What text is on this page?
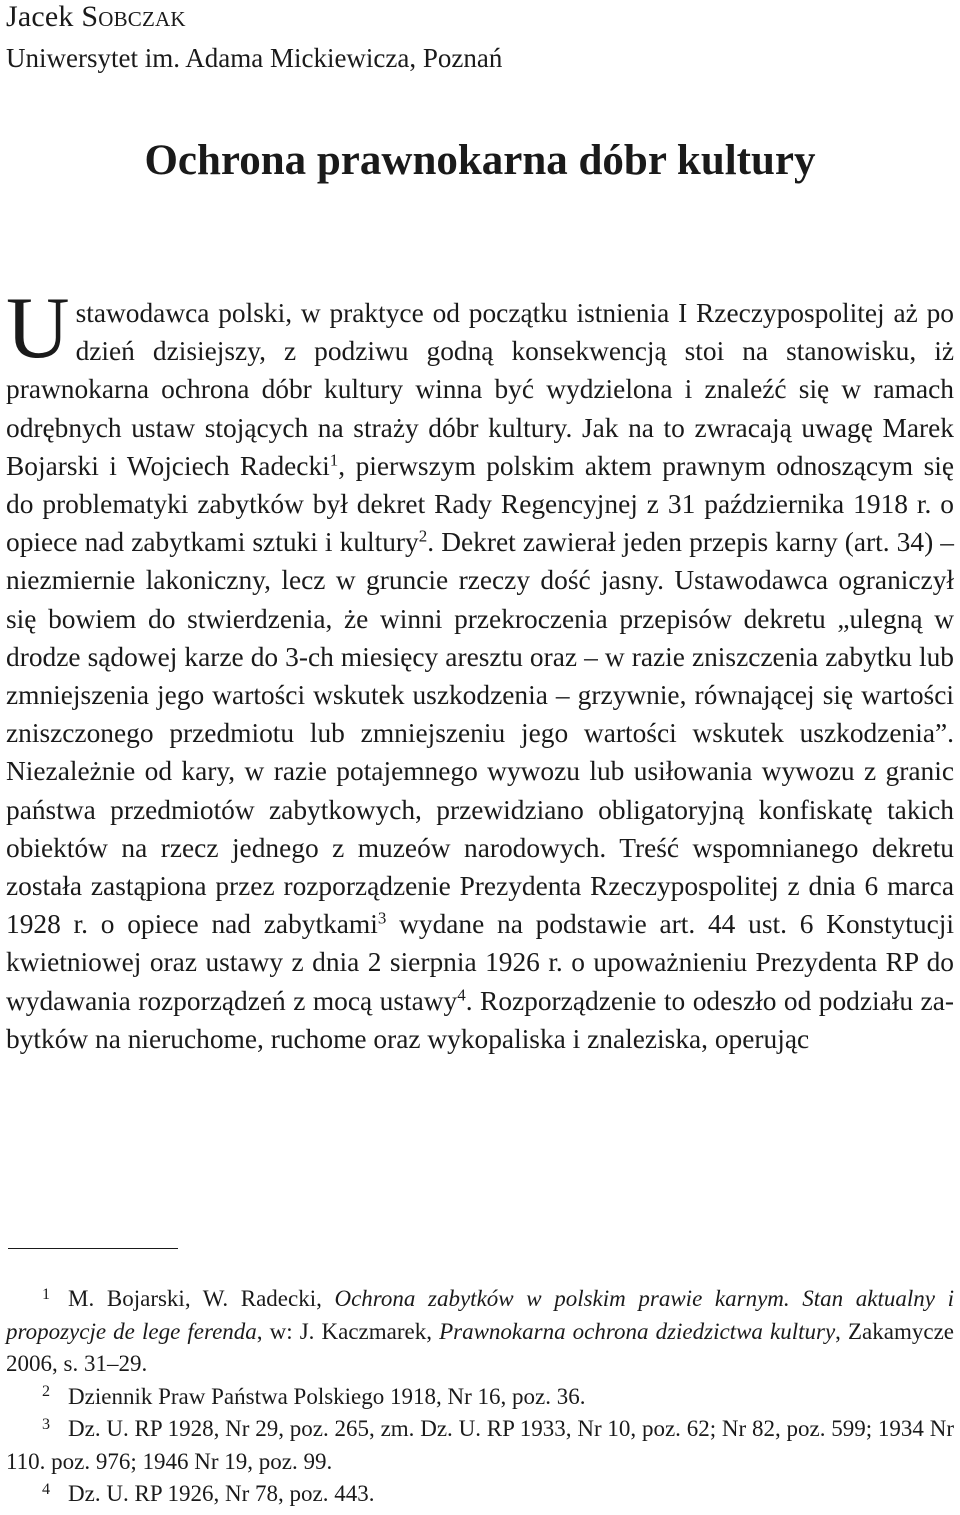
Jacek Sobczak
Uniwersytet im. Adama Mickiewicza, Poznań
Ochrona prawnokarna dóbr kultury
Ustawodawca polski, w praktyce od początku istnienia I Rzeczypospolitej aż po dzień dzisiejszy, z podziwu godną konsekwencją stoi na stanowisku, iż prawnokarna ochrona dóbr kultury winna być wydzielona i znaleźć się w ramach odrębnych ustaw stojących na straży dóbr kultury. Jak na to zwracają uwagę Marek Bojarski i Wojciech Radecki$^1$, pierwszym polskim aktem prawnym odnoszącym się do problematyki zabytków był dekret Rady Regencyjnej z 31 października 1918 r. o opiece nad zabytkami sztuki i kultury$^2$. Dekret zawierał jeden przepis karny (art. 34) – niezmiernie lakoniczny, lecz w gruncie rzeczy dość jasny. Ustawodawca ograniczył się bowiem do stwierdzenia, że winni przekroczenia przepisów dekretu „ulegną w drodze sądowej karze do 3-ch miesięcy aresztu oraz – w razie zniszczenia zabytku lub zmniejszenia jego wartości wskutek uszkodzenia – grzywnie, równającej się wartości zniszczonego przedmiotu lub zmniejszeniu jego wartości wskutek uszkodzenia”. Niezależnie od kary, w razie potajemnego wywozu lub usiłowania wywozu z granic państwa przedmiotów zabytkowych, przewidziano obligatoryjną konfiskatę takich obiektów na rzecz jednego z muzeów narodowych. Treść wspomnianego dekretu została zastąpiona przez rozporządzenie Prezydenta Rzeczypospolitej z dnia 6 marca 1928 r. o opiece nad zabytkami$^3$ wydane na podstawie art. 44 ust. 6 Konstytucji kwietniowej oraz ustawy z dnia 2 sierpnia 1926 r. o upoważnieniu Prezydenta RP do wydawania rozporządzeń z mocą ustawy$^4$. Rozporządzenie to odeszło od podziału zabytków na nieruchome, ruchome oraz wykopaliska i znaleziska, operując

$^1$ M. Bojarski, W. Radecki, Ochrona zabytków w polskim prawie karnym. Stan aktualny i propozycje de lege ferenda, w: J. Kaczmarek, Prawnokarna ochrona dziedzictwa kultury, Zakamycze 2006, s. 31–29.

$^2$ Dziennik Praw Państwa Polskiego 1918, Nr 16, poz. 36.

$^3$ Dz. U. RP 1928, Nr 29, poz. 265, zm. Dz. U. RP 1933, Nr 10, poz. 62; Nr 82, poz. 599; 1934 Nr 110. poz. 976; 1946 Nr 19, poz. 99.

$^4$ Dz. U. RP 1926, Nr 78, poz. 443.
